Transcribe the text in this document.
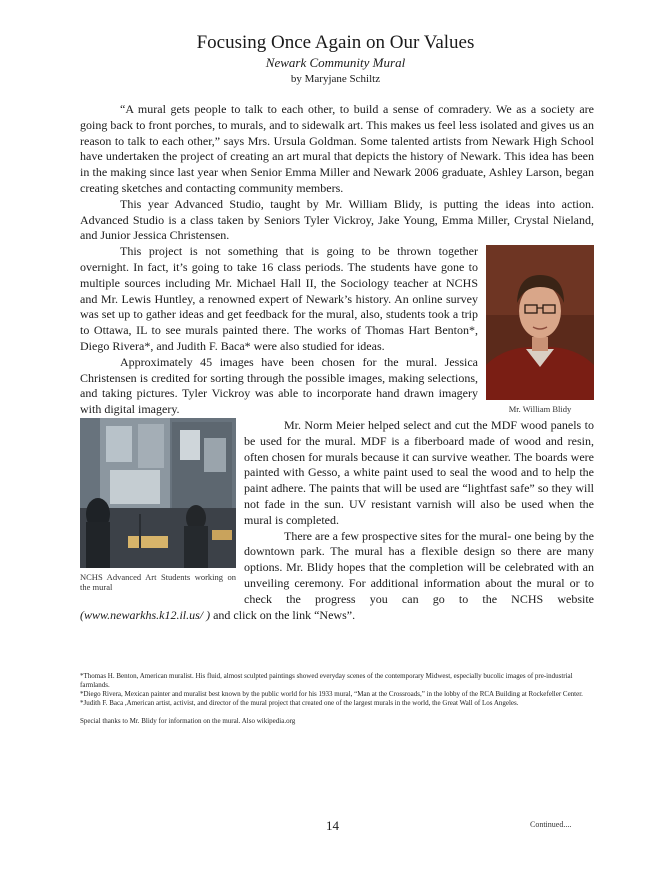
Focusing Once Again on Our Values
Newark Community Mural
by Maryjane Schiltz

“A mural gets people to talk to each other, to build a sense of comradery. We as a society are going back to front porches, to murals, and to sidewalk art. This makes us feel less isolated and gives us an reason to talk to each other,” says Mrs. Ursula Goldman. Some talented artists from Newark High School have undertaken the project of creating an art mural that depicts the history of Newark. This idea has been in the making since last year when Senior Emma Miller and Newark 2006 graduate, Ashley Larson, began creating sketches and contacting community members.

This year Advanced Studio, taught by Mr. William Blidy, is putting the ideas into action. Advanced Studio is a class taken by Seniors Tyler Vickroy, Jake Young, Emma Miller, Crystal Nieland, and Junior Jessica Christensen.

Mr. William Blidy

This project is not something that is going to be thrown together overnight. In fact, it’s going to take 16 class periods. The students have gone to multiple sources including Mr. Michael Hall II, the Sociology teacher at NCHS and Mr. Lewis Huntley, a renowned expert of Newark’s history. An online survey was set up to gather ideas and get feedback for the mural, also, students took a trip to Ottawa, IL to see murals painted there. The works of Thomas Hart Benton*, Diego Rivera*, and Judith F. Baca* were also studied for ideas.

Approximately 45 images have been chosen for the mural. Jessica Christensen is credited for sorting through the possible images, making selections, and taking pictures. Tyler Vickroy was able to incorporate hand drawn imagery with digital imagery.

NCHS Advanced Art Students working on the mural

Mr. Norm Meier helped select and cut the MDF wood panels to be used for the mural. MDF is a fiberboard made of wood and resin, often chosen for murals because it can survive weather. The boards were painted with Gesso, a white paint used to seal the wood and to help the paint adhere. The paints that will be used are “lightfast safe” so they will not fade in the sun. UV resistant varnish will also be used when the mural is completed.

There are a few prospective sites for the mural- one being by the downtown park. The mural has a flexible design so there are many options. Mr. Blidy hopes that the completion will be celebrated with an unveiling ceremony. For additional information about the mural or to check the progress you can go to the NCHS website (www.newarkhs.k12.il.us/ ) and click on the link “News”.

*Thomas H. Benton, American muralist. His fluid, almost sculpted paintings showed everyday scenes of the contemporary Midwest, especially bucolic images of pre-industrial farmlands.
*Diego Rivera, Mexican painter and muralist best known by the public world for his 1933 mural, “Man at the Crossroads,” in the lobby of the RCA Building at Rockefeller Center.
*Judith F. Baca ,American artist, activist, and director of the mural project that created one of the largest murals in the world, the Great Wall of Los Angeles.
Special thanks to Mr. Blidy for information on the mural. Also wikipedia.org
14	Continued....
